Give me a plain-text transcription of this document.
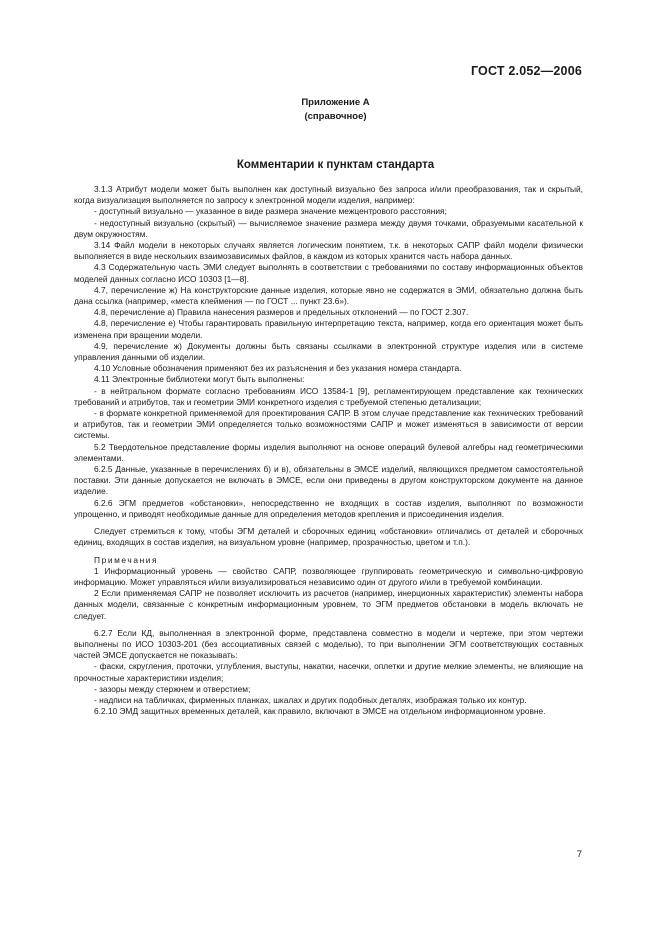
ГОСТ 2.052—2006
Приложение А
(справочное)
Комментарии к пунктам стандарта

3.1.3 Атрибут модели может быть выполнен как доступный визуально без запроса и/или преобразования, так и скрытый, когда визуализация выполняется по запросу к электронной модели изделия, например:

- доступный визуально — указанное в виде размера значение межцентрового расстояния;

- недоступный визуально (скрытый) — вычисляемое значение размера между двумя точками, образуемыми касательной к двум окружностям.

3.14 Файл модели в некоторых случаях является логическим понятием, т.к. в некоторых САПР файл модели физически выполняется в виде нескольких взаимозависимых файлов, в каждом из которых хранится часть набора данных.

4.3 Содержательную часть ЭМИ следует выполнять в соответствии с требованиями по составу информационных объектов моделей данных согласно ИСО 10303 [1—8].

4.7, перечисление ж) На конструкторские данные изделия, которые явно не содержатся в ЭМИ, обязательно должна быть дана ссылка (например, «места клеймения — по ГОСТ ... пункт 23.6»).

4.8, перечисление а) Правила нанесения размеров и предельных отклонений — по ГОСТ 2.307.

4.8, перечисление е) Чтобы гарантировать правильную интерпретацию текста, например, когда его ориентация может быть изменена при вращении модели.

4.9, перечисление ж) Документы должны быть связаны ссылками в электронной структуре изделия или в системе управления данными об изделии.

4.10 Условные обозначения применяют без их разъяснения и без указания номера стандарта.

4.11 Электронные библиотеки могут быть выполнены:

- в нейтральном формате согласно требованиям ИСО 13584-1 [9], регламентирующем представление как технических требований и атрибутов, так и геометрии ЭМИ конкретного изделия с требуемой степенью детализации;

- в формате конкретной применяемой для проектирования САПР. В этом случае представление как технических требований и атрибутов, так и геометрии ЭМИ определяется только возможностями САПР и может изменяться в зависимости от версии системы.

5.2 Твердотельное представление формы изделия выполняют на основе операций булевой алгебры над геометрическими элементами.

6.2.5 Данные, указанные в перечислениях б) и в), обязательны в ЭМСЕ изделий, являющихся предметом самостоятельной поставки. Эти данные допускается не включать в ЭМСЕ, если они приведены в другом конструкторском документе на данное изделие.

6.2.6 ЭГМ предметов «обстановки», непосредственно не входящих в состав изделия, выполняют по возможности упрощенно, и приводят необходимые данные для определения методов крепления и присоединения изделия.

Следует стремиться к тому, чтобы ЭГМ деталей и сборочных единиц «обстановки» отличались от деталей и сборочных единиц, входящих в состав изделия, на визуальном уровне (например, прозрачностью, цветом и т.п.).

Примечания

1 Информационный уровень — свойство САПР, позволяющее группировать геометрическую и символьно-цифровую информацию. Может управляться и/или визуализироваться независимо один от другого и/или в требуемой комбинации.

2 Если применяемая САПР не позволяет исключить из расчетов (например, инерционных характеристик) элементы набора данных модели, связанные с конкретным информационным уровнем, то ЭГМ предметов обстановки в модель включать не следует.

6.2.7 Если КД, выполненная в электронной форме, представлена совместно в модели и чертеже, при этом чертежи выполнены по ИСО 10303-201 (без ассоциативных связей с моделью), то при выполнении ЭГМ соответствующих составных частей ЭМСЕ допускается не показывать:

- фаски, скругления, проточки, углубления, выступы, накатки, насечки, оплетки и другие мелкие элементы, не влияющие на прочностные характеристики изделия;

- зазоры между стержнем и отверстием;

- надписи на табличках, фирменных планках, шкалах и других подобных деталях, изображая только их контур.

6.2.10 ЭМД защитных временных деталей, как правило, включают в ЭМСЕ на отдельном информационном уровне.

7
